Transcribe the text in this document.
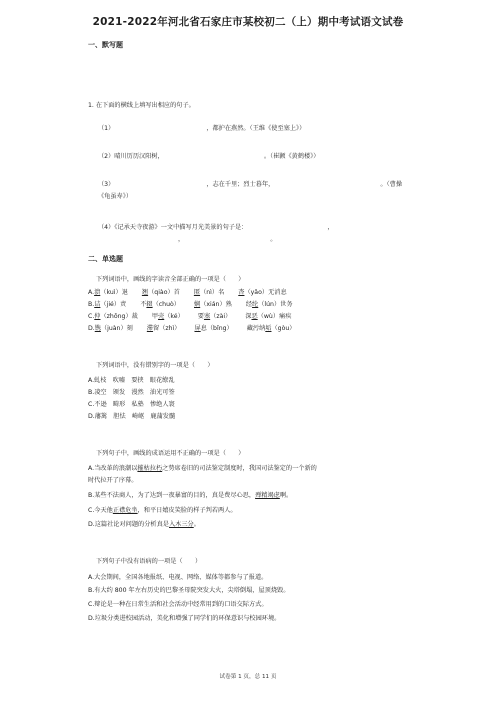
2021-2022年河北省石家庄市某校初二（上）期中考试语文试卷
一、默写题
1. 在下面的横线上填写出相应的句子。
（1）	，都护在燕然。（王维《使至塞上》）
（2）晴川历历汉阳树，	。（崔颢《黄鹤楼》）
（3）	，志在千里；烈士暮年，	。（曹操
《龟虽寿》）
（4）《记承天寺夜游》一文中描写月光美景的句子是：	，
，	。
二、单选题
下列词语中，画线的字读音全部正确的一项是（　　）
A.溃（kuì）退 翘（qiào）首 匿（nì）名 杳（yǎo）无消息
B.诘（jié）责 不辍（chuò） 娴（xián）熟 经纶（lún）世务
C.仲（zhōng）裁 甲壳（ké） 要塞（zài） 深恶（wù）痛疾
D.镌（juàn）刻 滞留（zhì） 屏息（bǐng） 藏污纳垢（gòu）
下列词语中，没有错别字的一项是（　　）
A.虬枝　吹嘘　要挟　眼花缭乱
B.凌空　颁发　漫然　油光可签
C.不逊　畸形　私塾　惨绝人寰
D.藩篱　胆怯　崎岖　鹿蒲发髓
下列句子中，画线的成语运用不正确的一项是（　　）
A.当改革的浪潮以摧枯拉朽之势席卷旧的司法鉴定制度时，我国司法鉴定的一个新的
时代拉开了序幕。
B.某些不法商人，为了达到一夜暴富的目的，真是费尽心思，殚精竭虑啊。
C.今天他正襟危坐，和平日嬉皮笑脸的样子判若两人。
D.这篇社论对问题的分析真是入木三分。
下列句子中没有语病的一项是（　　）
A.大会期间，全国各地报纸、电视、网络、媒体等都参与了报道。
B.有大约 800 年左右历史的巴黎圣母院突发大火，尖塔倒塌，屋顶烧毁。
C.辩论是一种在日常生活和社会活动中经常用到的口语交际方式。
D.垃圾分类进校园活动，美化和增强了同学们的环保意识与校园环境。
试卷第 1 页，总 11 页
